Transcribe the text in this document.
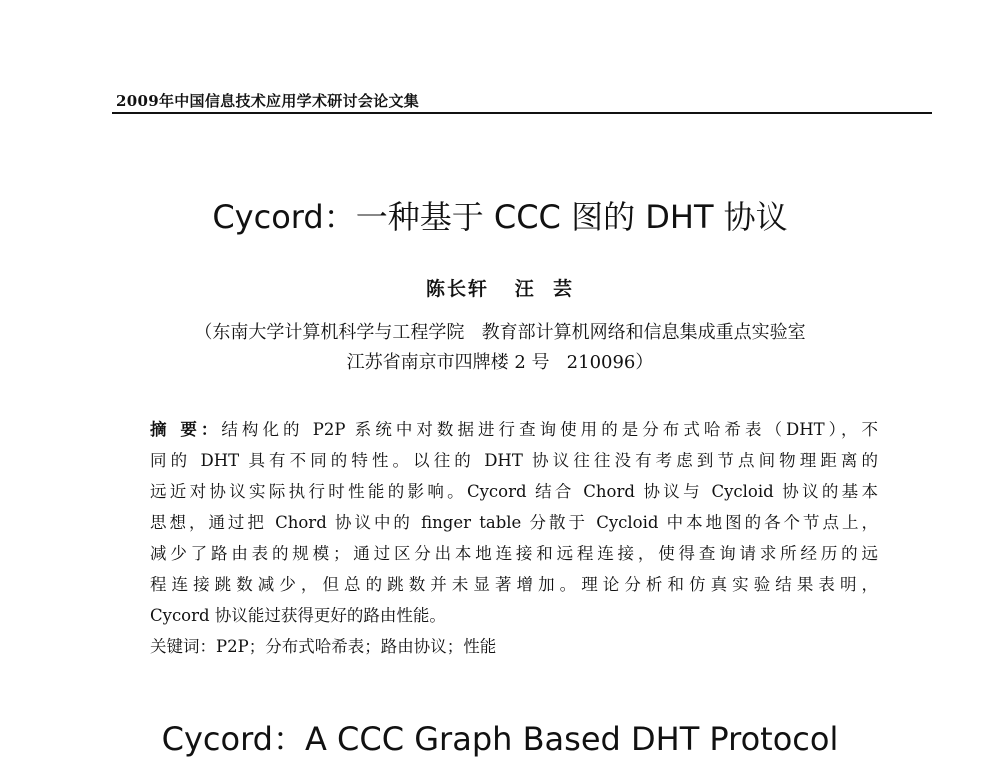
2009年中国信息技术应用学术研讨会论文集
Cycord：一种基于 CCC 图的 DHT 协议
陈长轩   汪  芸
（东南大学计算机科学与工程学院   教育部计算机网络和信息集成重点实验室
江苏省南京市四牌楼 2 号   210096）
摘 要：结构化的 P2P 系统中对数据进行查询使用的是分布式哈希表（DHT），不
同的 DHT 具有不同的特性。以往的 DHT 协议往往没有考虑到节点间物理距离的
远近对协议实际执行时性能的影响。Cycord 结合 Chord 协议与 Cycloid 协议的基本
思想，通过把 Chord 协议中的 finger table 分散于 Cycloid 中本地图的各个节点上，
减少了路由表的规模；通过区分出本地连接和远程连接，使得查询请求所经历的远
程连接跳数减少，但总的跳数并未显著增加。理论分析和仿真实验结果表明，
Cycord 协议能过获得更好的路由性能。
关键词：P2P；分布式哈希表；路由协议；性能
Cycord：A CCC Graph Based DHT Protocol
